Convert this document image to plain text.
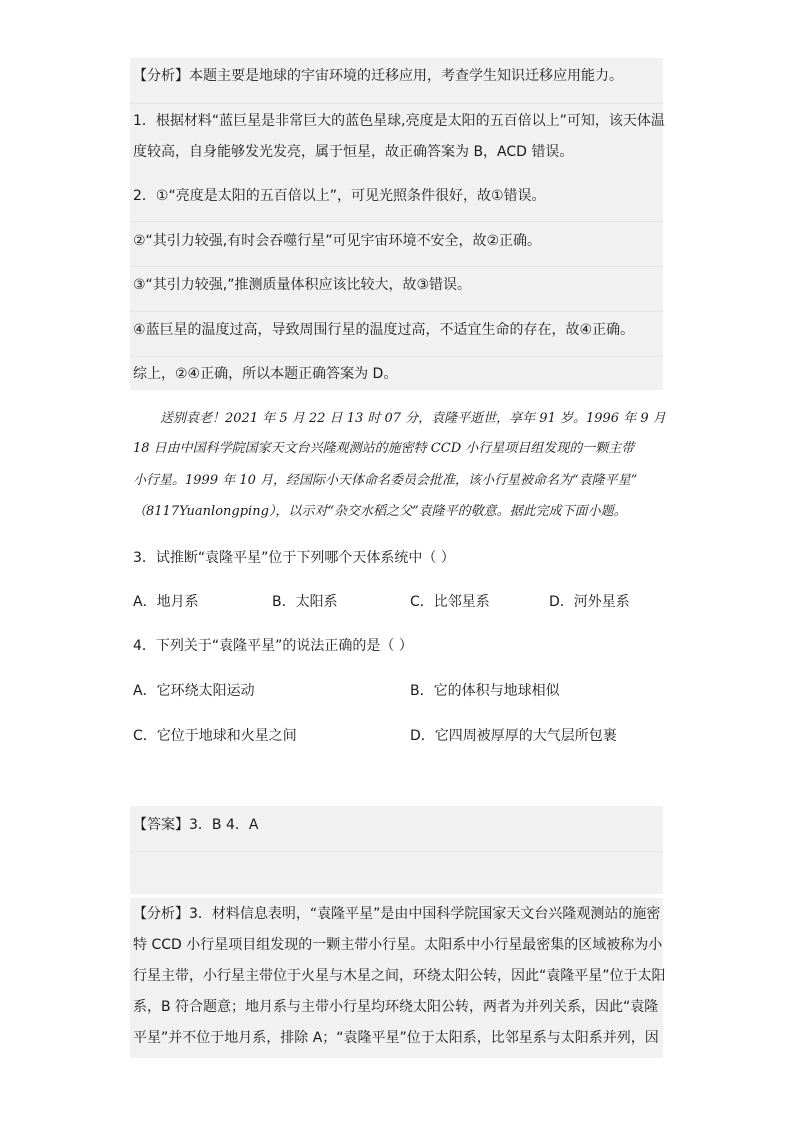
【分析】本题主要是地球的宇宙环境的迁移应用，考查学生知识迁移应用能力。
1．根据材料“蓝巨星是非常巨大的蓝色星球,亮度是太阳的五百倍以上”可知，该天体温
度较高，自身能够发光发亮，属于恒星，故正确答案为 B，ACD 错误。
2．①“亮度是太阳的五百倍以上”，可见光照条件很好，故①错误。
②“其引力较强,有时会吞噬行星”可见宇宙环境不安全，故②正确。
③“其引力较强,”推测质量体积应该比较大，故③错误。
④蓝巨星的温度过高，导致周围行星的温度过高，不适宜生命的存在，故④正确。
综上，②④正确，所以本题正确答案为 D。
送别袁老！2021 年 5 月 22 日 13 时 07 分，袁隆平逝世，享年 91 岁。1996 年 9 月
18 日由中国科学院国家天文台兴隆观测站的施密特 CCD 小行星项目组发现的一颗主带
小行星。1999 年 10 月，经国际小天体命名委员会批准，该小行星被命名为“袁隆平星”
（8117Yuanlongping），以示对“杂交水稻之父”袁隆平的敬意。据此完成下面小题。
3．试推断“袁隆平星”位于下列哪个天体系统中（ ）
A．地月系	B．太阳系	C．比邻星系	D．河外星系
4．下列关于“袁隆平星”的说法正确的是（ ）
A．它环绕太阳运动	B．它的体积与地球相似
C．它位于地球和火星之间	D．它四周被厚厚的大气层所包裹
【答案】3．B 4．A
【分析】3．材料信息表明，“袁隆平星”是由中国科学院国家天文台兴隆观测站的施密
特 CCD 小行星项目组发现的一颗主带小行星。太阳系中小行星最密集的区域被称为小
行星主带，小行星主带位于火星与木星之间，环绕太阳公转，因此“袁隆平星”位于太阳
系，B 符合题意；地月系与主带小行星均环绕太阳公转，两者为并列关系，因此“袁隆
平星”并不位于地月系，排除 A；“袁隆平星”位于太阳系，比邻星系与太阳系并列，因
